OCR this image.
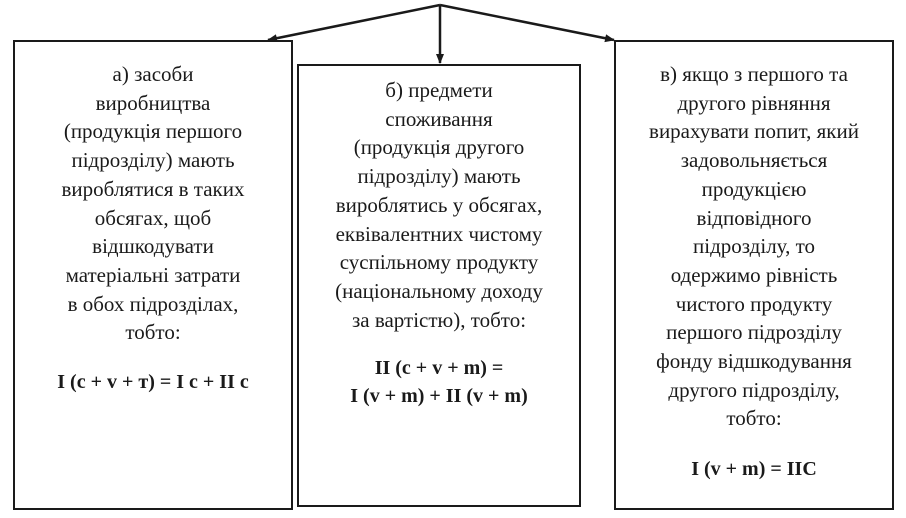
а) засоби
виробництва
(продукція першого
підрозділу) мають
вироблятися в таких
обсягах, щоб
відшкодувати
матеріальні затрати
в обох підрозділах,
тобто:
I (c + v + т) = I c + II c
б) предмети
споживання
(продукція другого
підрозділу) мають
вироблятись у обсягах,
еквівалентних чистому
суспільному продукту
(національному доходу
за вартістю), тобто:
II (c + v + m) =
I (v + m) + II (v + m)
в) якщо з першого та
другого рівняння
вирахувати попит, який
задовольняється
продукцією
відповідного
підрозділу, то
одержимо рівність
чистого продукту
першого підрозділу
фонду відшкодування
другого підрозділу,
тобто:
I (v + m) = IIC
